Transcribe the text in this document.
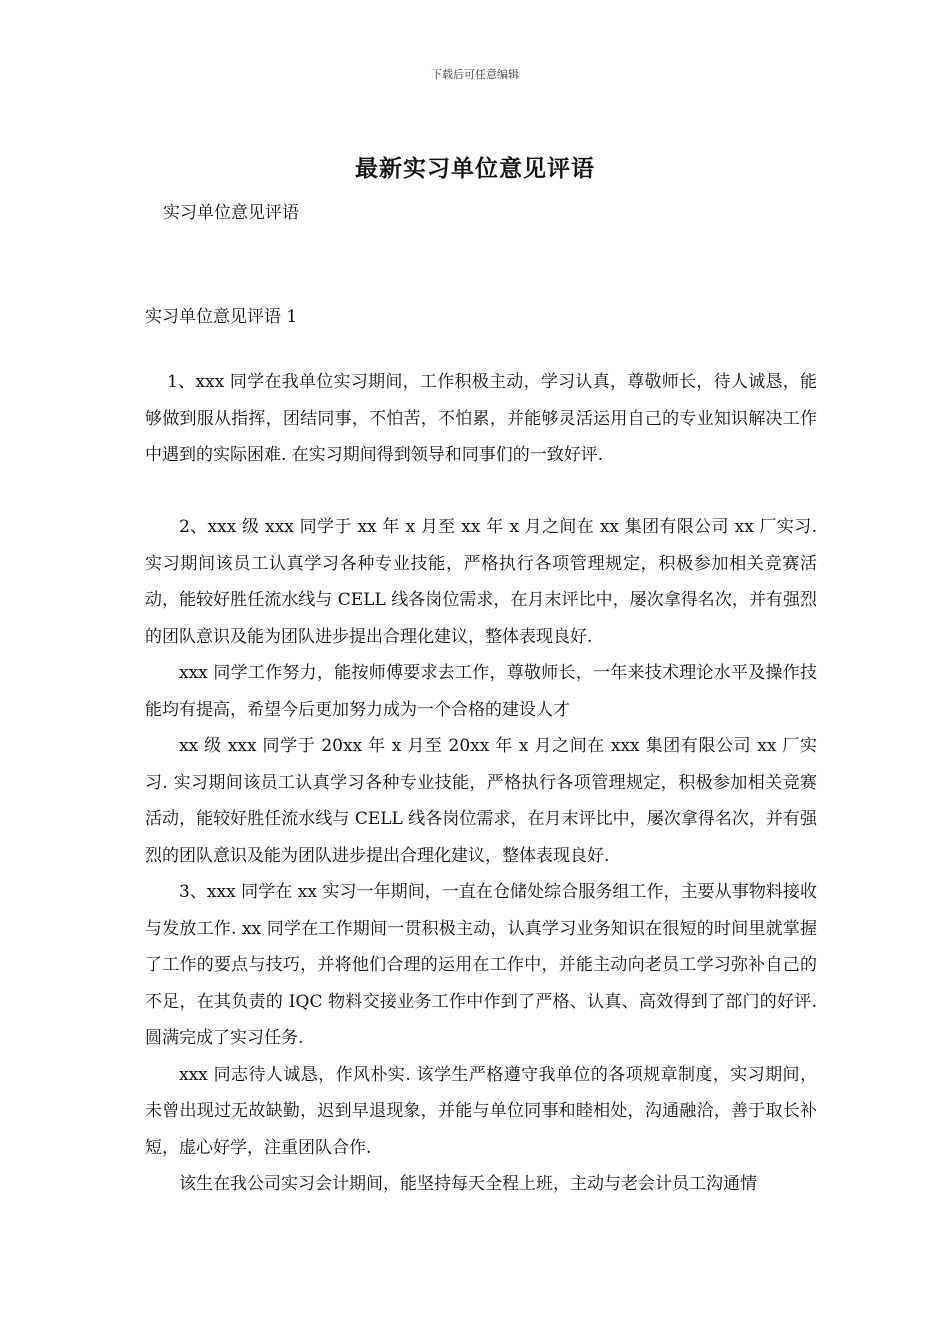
下载后可任意编辑
最新实习单位意见评语
实习单位意见评语
实习单位意见评语 1

1、xxx 同学在我单位实习期间，工作积极主动，学习认真，尊敬师长，待人诚恳，能够做到服从指挥，团结同事，不怕苦，不怕累，并能够灵活运用自己的专业知识解决工作中遇到的实际困难. 在实习期间得到领导和同事们的一致好评.

2、xxx 级 xxx 同学于 xx 年 x 月至 xx 年 x 月之间在 xx 集团有限公司 xx 厂实习. 实习期间该员工认真学习各种专业技能，严格执行各项管理规定，积极参加相关竞赛活动，能较好胜任流水线与 CELL 线各岗位需求，在月末评比中，屡次拿得名次，并有强烈的团队意识及能为团队进步提出合理化建议，整体表现良好.

xxx 同学工作努力，能按师傅要求去工作，尊敬师长，一年来技术理论水平及操作技能均有提高，希望今后更加努力成为一个合格的建设人才

xx 级 xxx 同学于 20xx 年 x 月至 20xx 年 x 月之间在 xxx 集团有限公司 xx 厂实习. 实习期间该员工认真学习各种专业技能，严格执行各项管理规定，积极参加相关竞赛活动，能较好胜任流水线与 CELL 线各岗位需求，在月末评比中，屡次拿得名次，并有强烈的团队意识及能为团队进步提出合理化建议，整体表现良好.

3、xxx 同学在 xx 实习一年期间，一直在仓储处综合服务组工作，主要从事物料接收与发放工作. xx 同学在工作期间一贯积极主动，认真学习业务知识在很短的时间里就掌握了工作的要点与技巧，并将他们合理的运用在工作中，并能主动向老员工学习弥补自己的不足，在其负责的 IQC 物料交接业务工作中作到了严格、认真、高效得到了部门的好评. 圆满完成了实习任务.

xxx 同志待人诚恳，作风朴实. 该学生严格遵守我单位的各项规章制度，实习期间，未曾出现过无故缺勤，迟到早退现象，并能与单位同事和睦相处，沟通融洽，善于取长补短，虚心好学，注重团队合作.

该生在我公司实习会计期间，能坚持每天全程上班，主动与老会计员工沟通情
